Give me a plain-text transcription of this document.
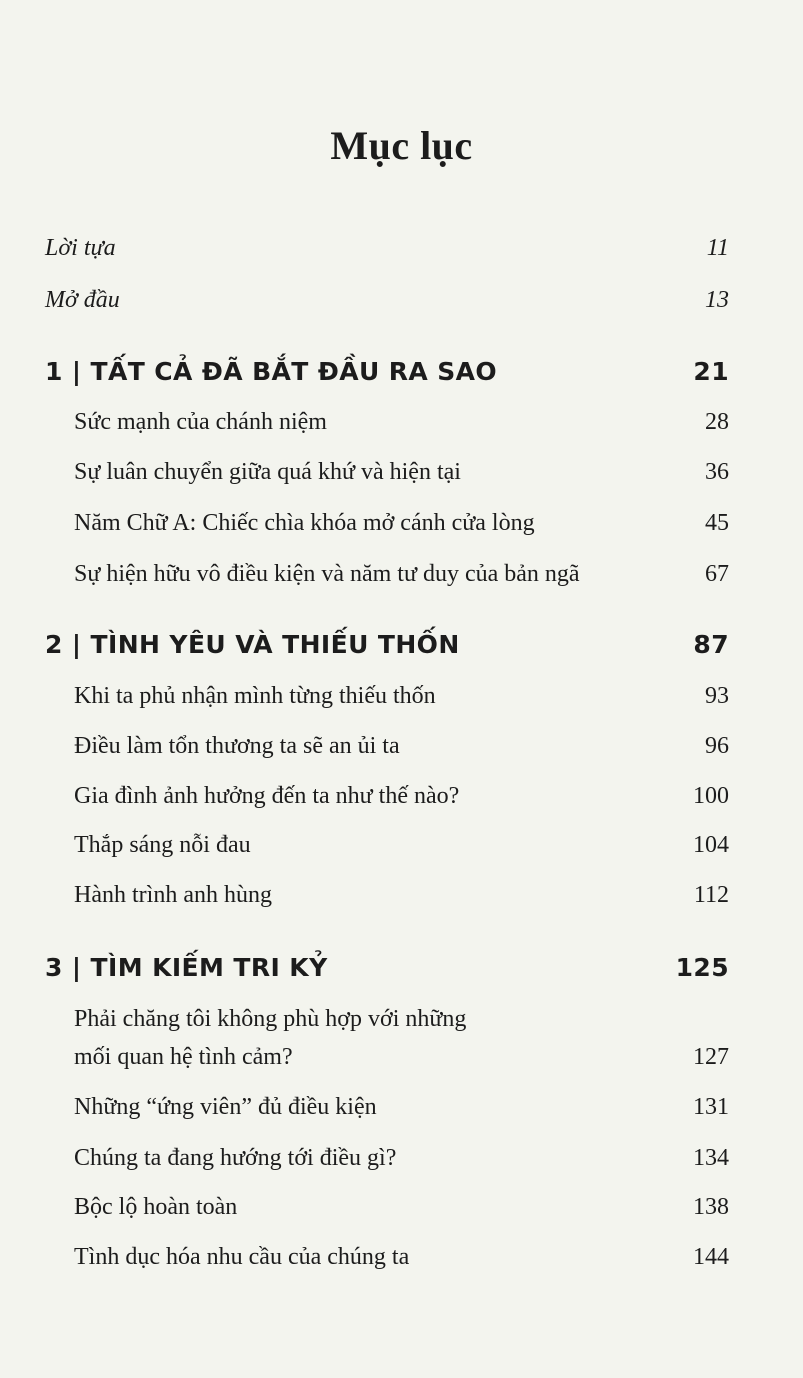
Mục lục
Lời tựa	11
Mở đầu	13
1 | TẤT CẢ ĐÃ BẮT ĐẦU RA SAO	21
Sức mạnh của chánh niệm	28
Sự luân chuyển giữa quá khứ và hiện tại	36
Năm Chữ A: Chiếc chìa khóa mở cánh cửa lòng	45
Sự hiện hữu vô điều kiện và năm tư duy của bản ngã	67
2 | TÌNH YÊU VÀ THIẾU THỐN	87
Khi ta phủ nhận mình từng thiếu thốn	93
Điều làm tổn thương ta sẽ an ủi ta	96
Gia đình ảnh hưởng đến ta như thế nào?	100
Thắp sáng nỗi đau	104
Hành trình anh hùng	112
3 | TÌM KIẾM TRI KỶ	125
Phải chăng tôi không phù hợp với những
mối quan hệ tình cảm?	127
Những “ứng viên” đủ điều kiện	131
Chúng ta đang hướng tới điều gì?	134
Bộc lộ hoàn toàn	138
Tình dục hóa nhu cầu của chúng ta	144
